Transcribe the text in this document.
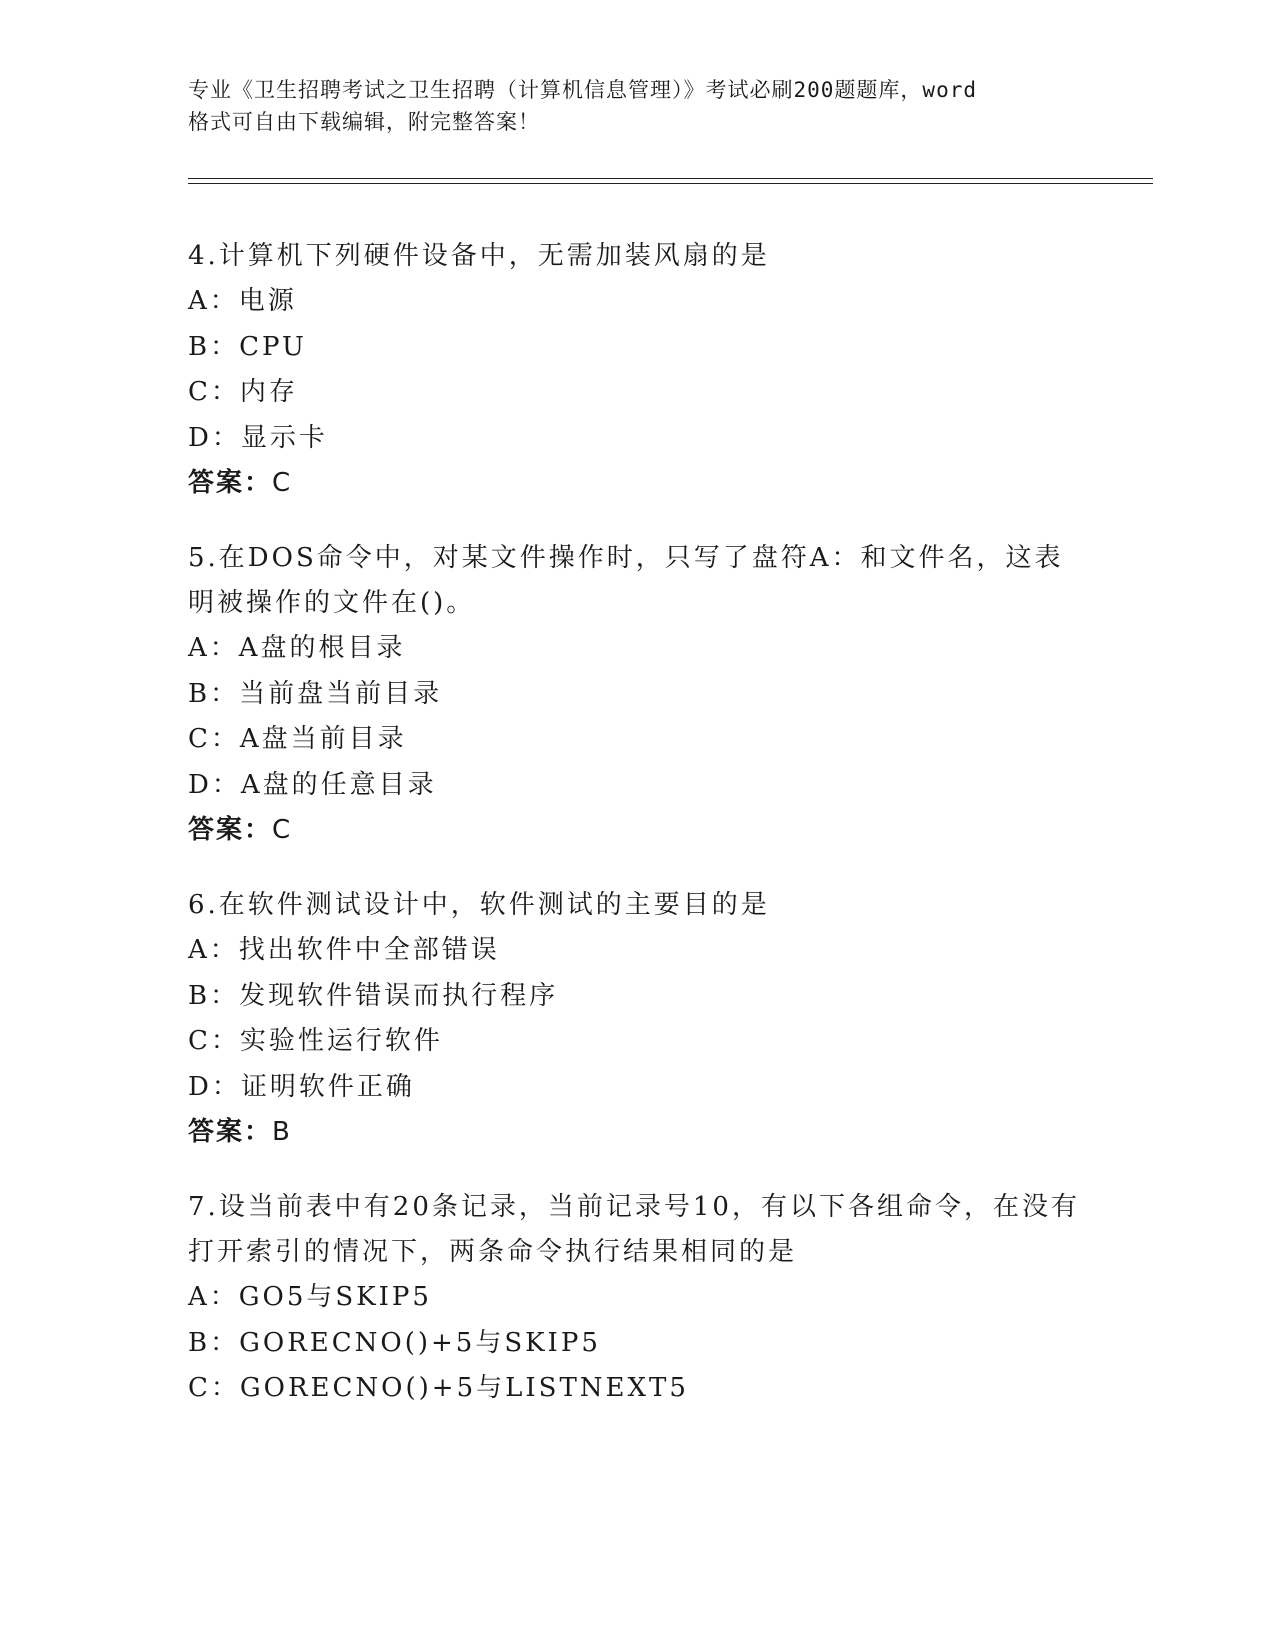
专业《卫生招聘考试之卫生招聘（计算机信息管理）》考试必刷200题题库，word
格式可自由下载编辑，附完整答案！
4.计算机下列硬件设备中，无需加装风扇的是
A：电源
B：CPU
C：内存
D：显示卡
答案：C
5.在DOS命令中，对某文件操作时，只写了盘符A：和文件名，这表明被操作的文件在()。
A：A盘的根目录
B：当前盘当前目录
C：A盘当前目录
D：A盘的任意目录
答案：C
6.在软件测试设计中，软件测试的主要目的是
A：找出软件中全部错误
B：发现软件错误而执行程序
C：实验性运行软件
D：证明软件正确
答案：B
7.设当前表中有20条记录，当前记录号10，有以下各组命令，在没有打开索引的情况下，两条命令执行结果相同的是
A：GO5与SKIP5
B：GORECNO()+5与SKIP5
C：GORECNO()+5与LISTNEXT5
